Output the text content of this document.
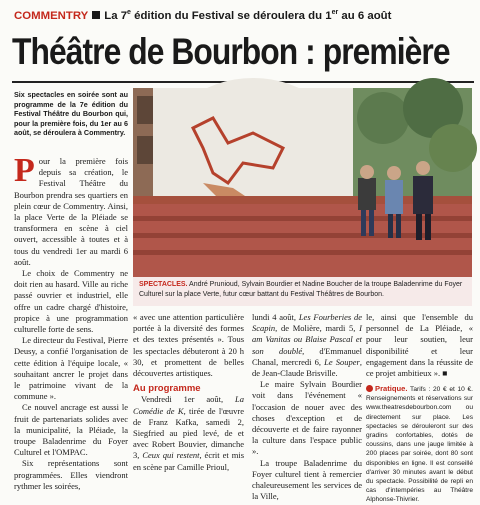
COMMENTRY La 7e édition du Festival se déroulera du 1er au 6 août
Théâtre de Bourbon : première
Six spectacles en soirée sont au programme de la 7e édition du Festival Théâtre du Bourbon qui, pour la première fois, du 1er au 6 août, se déroulera à Commentry.
SPECTACLES. André Prunioud, Sylvain Bourdier et Nadine Boucher de la troupe Baladenrime du Foyer Culturel sur la place Verte, futur cœur battant du Festival Théâtres de Bourbon.

Pour la première fois depuis sa création, le Festival Théâtre du Bourbon prendra ses quartiers en plein cœur de Commentry. Ainsi, la place Verte de la Pléiade se transformera en scène à ciel ouvert, accessible à toutes et à tous du vendredi 1er au mardi 6 août.

Le choix de Commentry ne doit rien au hasard. Ville au riche passé ouvrier et industriel, elle offre un cadre chargé d'histoire, propice à une programmation culturelle forte de sens.

Le directeur du Festival, Pierre Deusy, a confié l'organisation de cette édition à l'équipe locale, « souhaitant ancrer le projet dans le patrimoine vivant de la commune ».

Ce nouvel ancrage est aussi le fruit de partenariats solides avec la municipalité, la Pléiade, la troupe Baladenrime du Foyer Culturel et l'OMPAC.

Six représentations sont programmées. Elles viendront rythmer les soirées,

« avec une attention particulière portée à la diversité des formes et des textes présentés ». Tous les spectacles débuteront à 20 h 30, et promettent de belles découvertes artistiques.

Au programme

Vendredi 1er août, La Comédie de K, tirée de l'œuvre de Franz Kafka, samedi 2, Siegfried au pied levé, de et avec Robert Bouvier, dimanche 3, Ceux qui restent, écrit et mis en scène par Camille Prioul,

lundi 4 août, Les Fourberies de Scapin, de Molière, mardi 5, I am Vanitas ou Blaise Pascal et son doublé, d'Emmanuel Chanal, mercredi 6, Le Souper, de Jean-Claude Brisville.

Le maire Sylvain Bourdier voit dans l'événement « l'occasion de nouer avec des choses d'exception et de découverte et de faire rayonner la culture dans l'espace public ».

La troupe Baladenrime du Foyer culturel tient à remercier chaleureusement les services de la Ville,

le, ainsi que l'ensemble du personnel de La Pléiade, « pour leur soutien, leur disponibilité et leur engagement dans la réussite de ce projet ambitieux ». ■

Pratique. Tarifs : 20 € et 10 €. Renseignements et réservations sur www.theatresdebourbon.com ou directement sur place. Les spectacles se dérouleront sur des gradins confortables, dotés de coussins, dans une jauge limitée à 200 places par soirée, dont 80 sont disponibles en ligne. Il est conseillé d'arriver 30 minutes avant le début du spectacle. Possibilité de repli en cas d'intempéries au Théâtre Alphonse-Thivrier.
